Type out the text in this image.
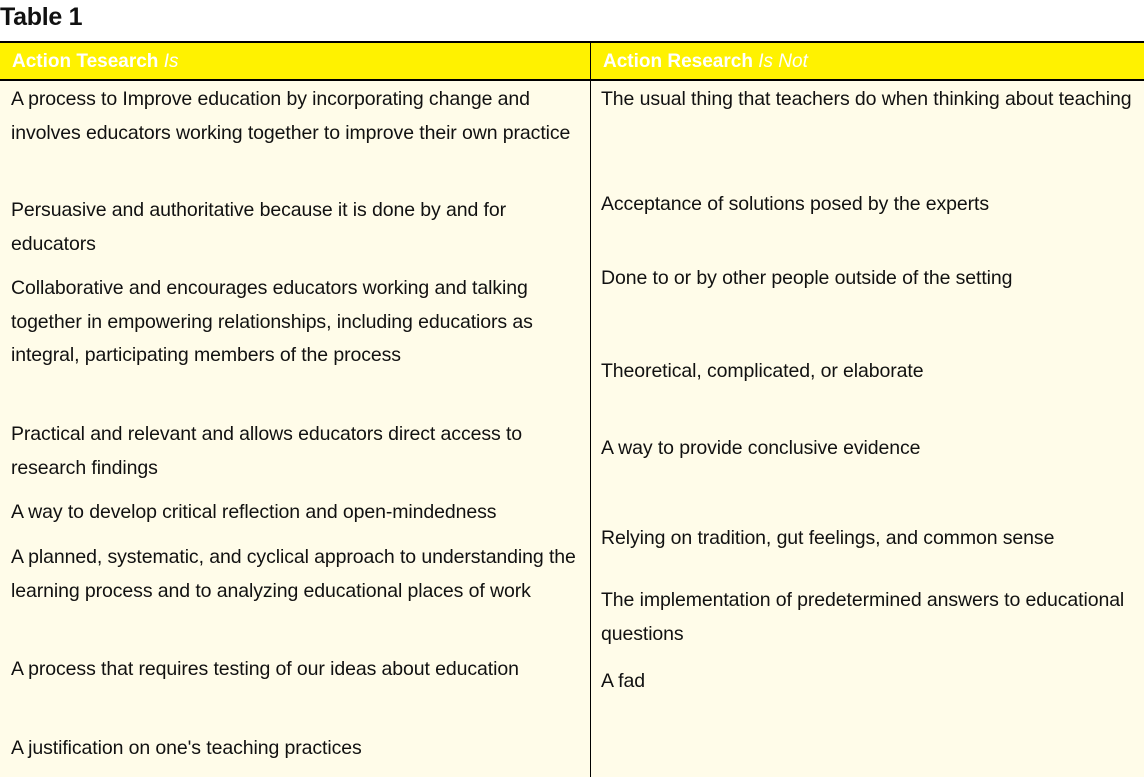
Table 1
Action Tesearch Is	Action Research Is Not
A process to Improve education by incorporating change and involves educators working together to improve their own practice
Persuasive and authoritative because it is done by and for educators
Collaborative and encourages educators working and talking together in empowering relationships, including educatiors as integral, participating members of the process
Practical and relevant and allows educators direct access to research findings
A way to develop critical reflection and open-mindedness
A planned, systematic, and cyclical approach to understanding the learning process and to analyzing educational places of work
A process that requires testing of our ideas about education
A justification on one's teaching practices
The usual thing that teachers do when thinking about teaching
Acceptance of solutions posed by the experts
Done to or by other people outside of the setting
Theoretical, complicated, or elaborate
A way to provide conclusive evidence
Relying on tradition, gut feelings, and common sense
The implementation of predetermined answers to educational questions
A fad
